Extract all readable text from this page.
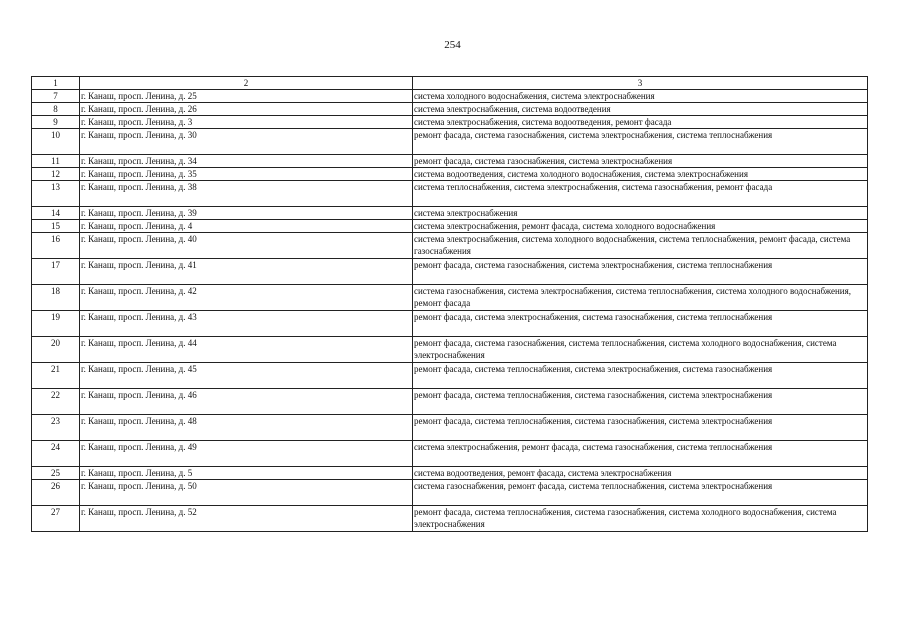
254
1	2	3
7	г. Канаш, просп. Ленина, д. 25	система холодного водоснабжения, система электроснабжения
8	г. Канаш, просп. Ленина, д. 26	система электроснабжения, система водоотведения
9	г. Канаш, просп. Ленина, д. 3	система электроснабжения, система водоотведения, ремонт фасада
10	г. Канаш, просп. Ленина, д. 30	ремонт фасада, система газоснабжения, система электроснабжения, система теплоснабжения
11	г. Канаш, просп. Ленина, д. 34	ремонт фасада, система газоснабжения, система электроснабжения
12	г. Канаш, просп. Ленина, д. 35	система водоотведения, система холодного водоснабжения, система электроснабжения
13	г. Канаш, просп. Ленина, д. 38	система теплоснабжения, система электроснабжения, система газоснабжения, ремонт фасада
14	г. Канаш, просп. Ленина, д. 39	система электроснабжения
15	г. Канаш, просп. Ленина, д. 4	система электроснабжения, ремонт фасада, система холодного водоснабжения
16	г. Канаш, просп. Ленина, д. 40	система электроснабжения, система холодного водоснабжения, система теплоснабжения, ремонт фасада, система газоснабжения
17	г. Канаш, просп. Ленина, д. 41	ремонт фасада, система газоснабжения, система электроснабжения, система теплоснабжения
18	г. Канаш, просп. Ленина, д. 42	система газоснабжения, система электроснабжения, система теплоснабжения, система холодного водоснабжения, ремонт фасада
19	г. Канаш, просп. Ленина, д. 43	ремонт фасада, система электроснабжения, система газоснабжения, система теплоснабжения
20	г. Канаш, просп. Ленина, д. 44	ремонт фасада, система газоснабжения, система теплоснабжения, система холодного водоснабжения, система электроснабжения
21	г. Канаш, просп. Ленина, д. 45	ремонт фасада, система теплоснабжения, система электроснабжения, система газоснабжения
22	г. Канаш, просп. Ленина, д. 46	ремонт фасада, система теплоснабжения, система газоснабжения, система электроснабжения
23	г. Канаш, просп. Ленина, д. 48	ремонт фасада, система теплоснабжения, система газоснабжения, система электроснабжения
24	г. Канаш, просп. Ленина, д. 49	система электроснабжения, ремонт фасада, система газоснабжения, система теплоснабжения
25	г. Канаш, просп. Ленина, д. 5	система водоотведения, ремонт фасада, система электроснабжения
26	г. Канаш, просп. Ленина, д. 50	система газоснабжения, ремонт фасада, система теплоснабжения, система электроснабжения
27	г. Канаш, просп. Ленина, д. 52	ремонт фасада, система теплоснабжения, система газоснабжения, система холодного водоснабжения, система электроснабжения
